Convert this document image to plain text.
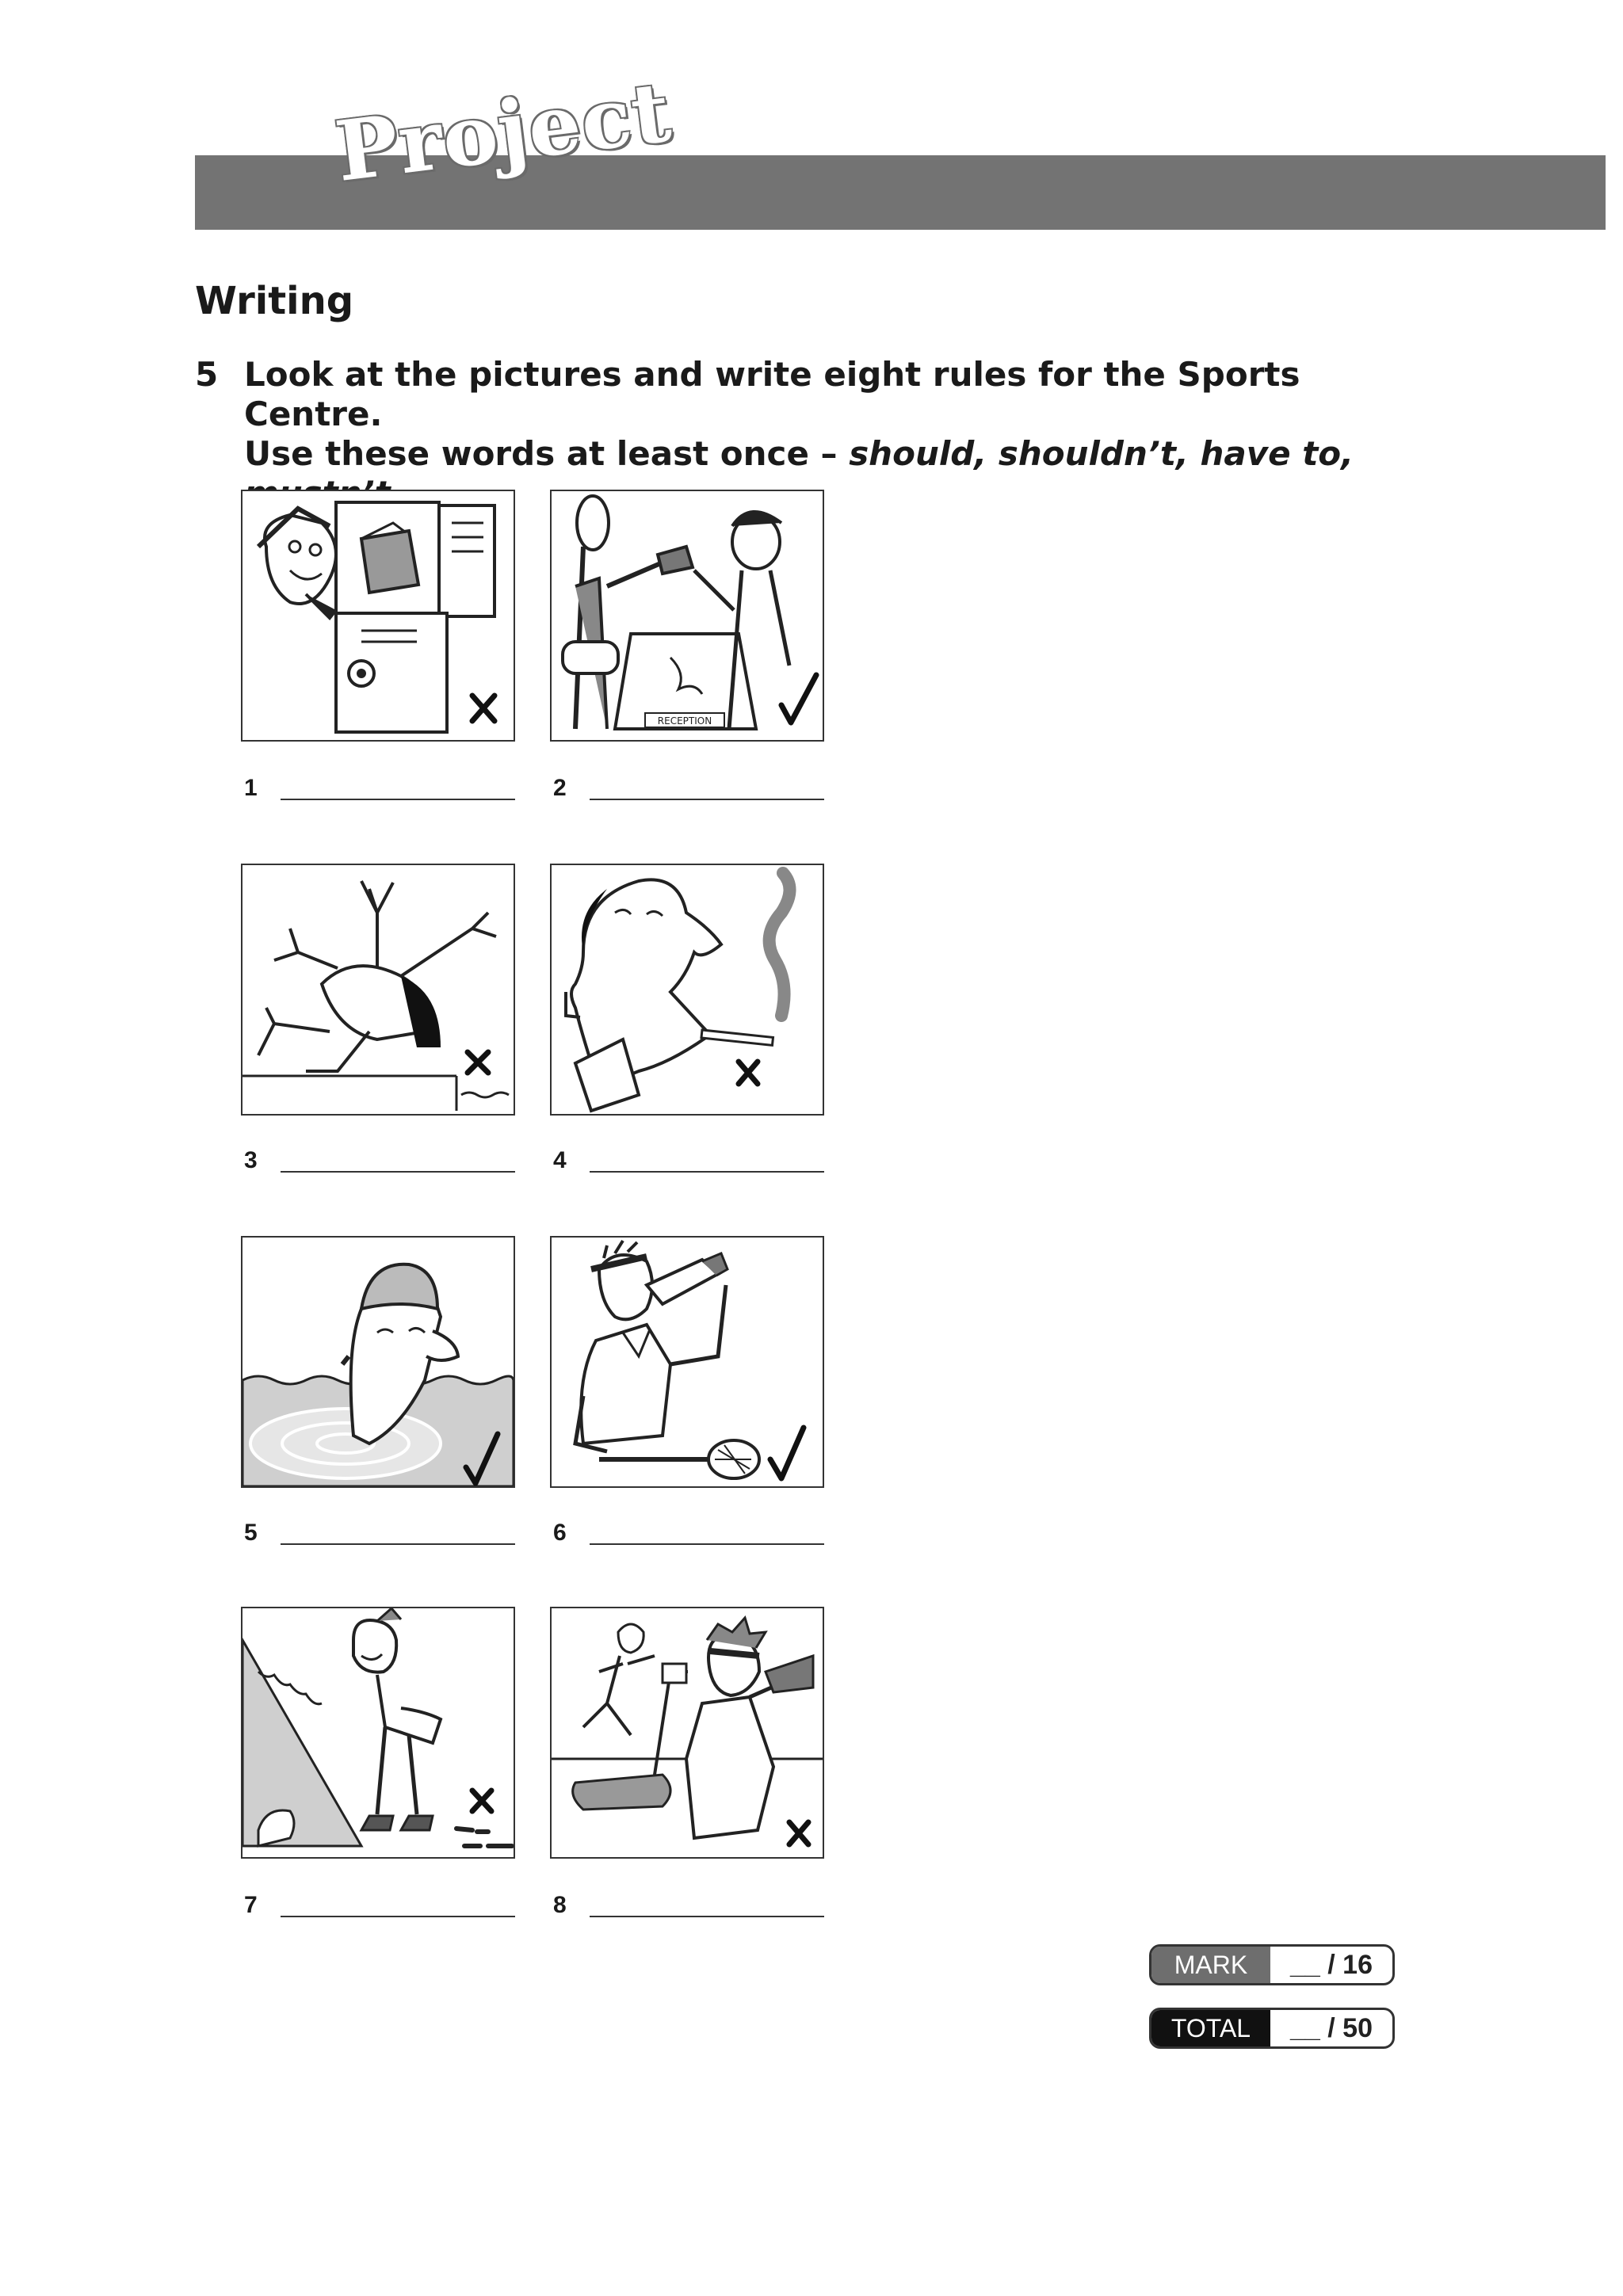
Project
Writing
5 Look at the pictures and write eight rules for the Sports Centre.
Use these words at least once – should, shouldn’t, have to,
RECEPTION
1	2
3	4
5	6
7	8
MARK	__ / 16
TOTAL	__ / 50
